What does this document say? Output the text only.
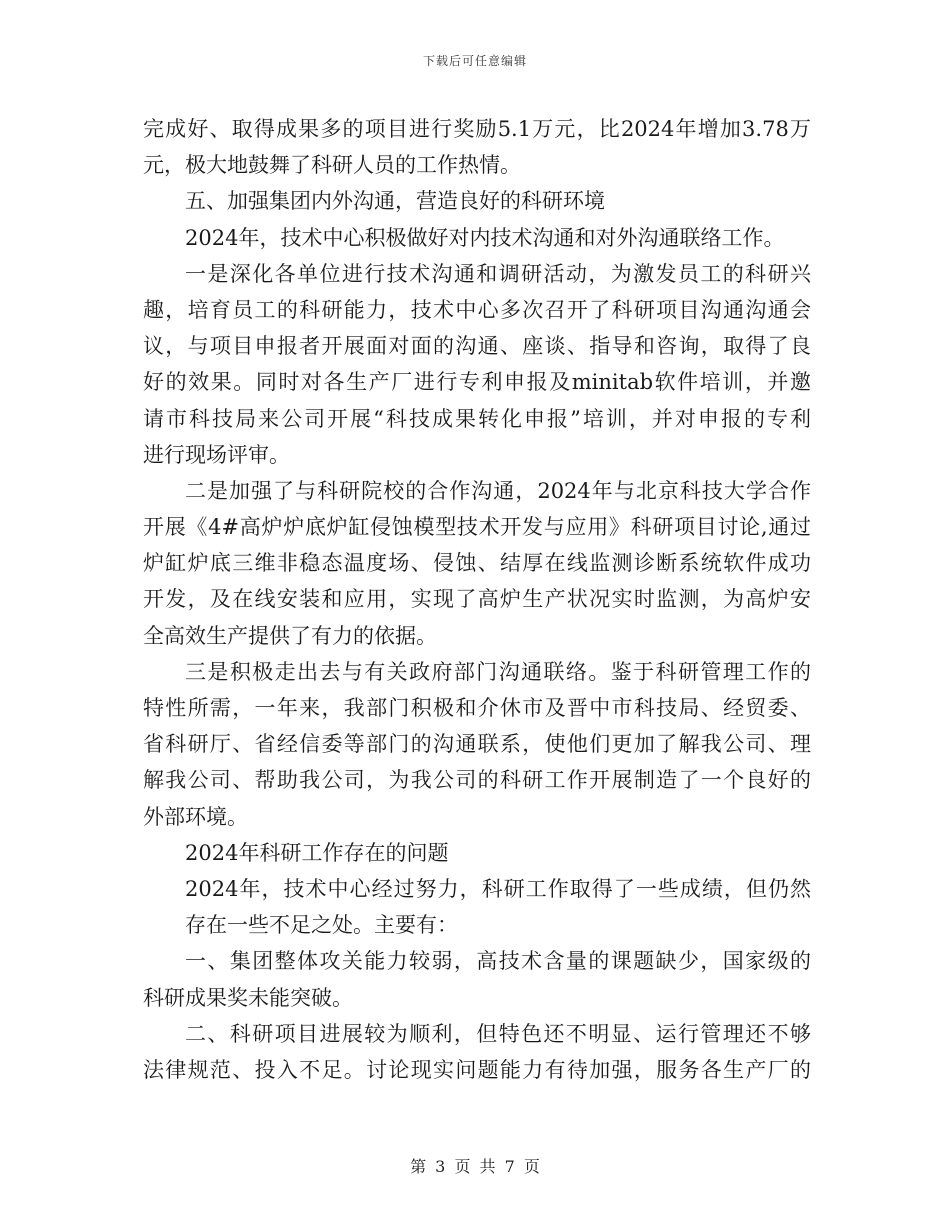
下载后可任意编辑
完成好、取得成果多的项目进行奖励5.1万元，比2024年增加3.78万
元，极大地鼓舞了科研人员的工作热情。
五、加强集团内外沟通，营造良好的科研环境
2024年，技术中心积极做好对内技术沟通和对外沟通联络工作。
一是深化各单位进行技术沟通和调研活动，为激发员工的科研兴
趣，培育员工的科研能力，技术中心多次召开了科研项目沟通沟通会
议，与项目申报者开展面对面的沟通、座谈、指导和咨询，取得了良
好的效果。同时对各生产厂进行专利申报及minitab软件培训，并邀
请市科技局来公司开展“科技成果转化申报”培训，并对申报的专利
进行现场评审。
二是加强了与科研院校的合作沟通，2024年与北京科技大学合作
开展《4#高炉炉底炉缸侵蚀模型技术开发与应用》科研项目讨论,通过
炉缸炉底三维非稳态温度场、侵蚀、结厚在线监测诊断系统软件成功
开发，及在线安装和应用，实现了高炉生产状况实时监测，为高炉安
全高效生产提供了有力的依据。
三是积极走出去与有关政府部门沟通联络。鉴于科研管理工作的
特性所需，一年来，我部门积极和介休市及晋中市科技局、经贸委、
省科研厅、省经信委等部门的沟通联系，使他们更加了解我公司、理
解我公司、帮助我公司，为我公司的科研工作开展制造了一个良好的
外部环境。
2024年科研工作存在的问题
2024年，技术中心经过努力，科研工作取得了一些成绩，但仍然
存在一些不足之处。主要有：
一、集团整体攻关能力较弱，高技术含量的课题缺少，国家级的
科研成果奖未能突破。
二、科研项目进展较为顺利，但特色还不明显、运行管理还不够
法律规范、投入不足。讨论现实问题能力有待加强，服务各生产厂的
第 3 页 共 7 页
